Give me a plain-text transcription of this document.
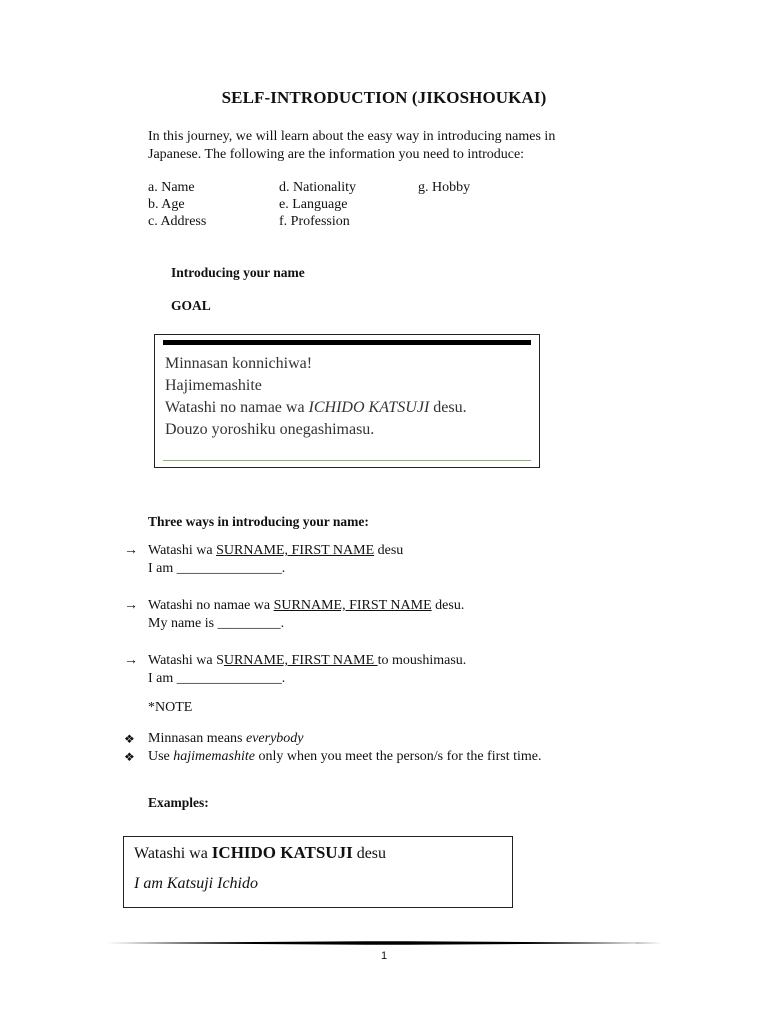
SELF-INTRODUCTION (JIKOSHOUKAI)
In this journey, we will learn about the easy way in introducing names in
Japanese. The following are the information you need to introduce:
a. Name
b. Age
c. Address
d. Nationality
e. Language
f. Profession
g. Hobby
Introducing your name
GOAL
Minnasan konnichiwa!
Hajimemashite
Watashi no namae wa ICHIDO KATSUJI desu.
Douzo yoroshiku onegashimasu.
Three ways in introducing your name:
→ Watashi wa SURNAME, FIRST NAME desu
I am _______________.
→ Watashi no namae wa SURNAME, FIRST NAME desu.
My name is _________.
→ Watashi wa SURNAME, FIRST NAME to moushimasu.
I am _______________.
*NOTE
❖ Minnasan means everybody
❖ Use hajimemashite only when you meet the person/s for the first time.
Examples:
Watashi wa ICHIDO KATSUJI desu
I am Katsuji Ichido
1
